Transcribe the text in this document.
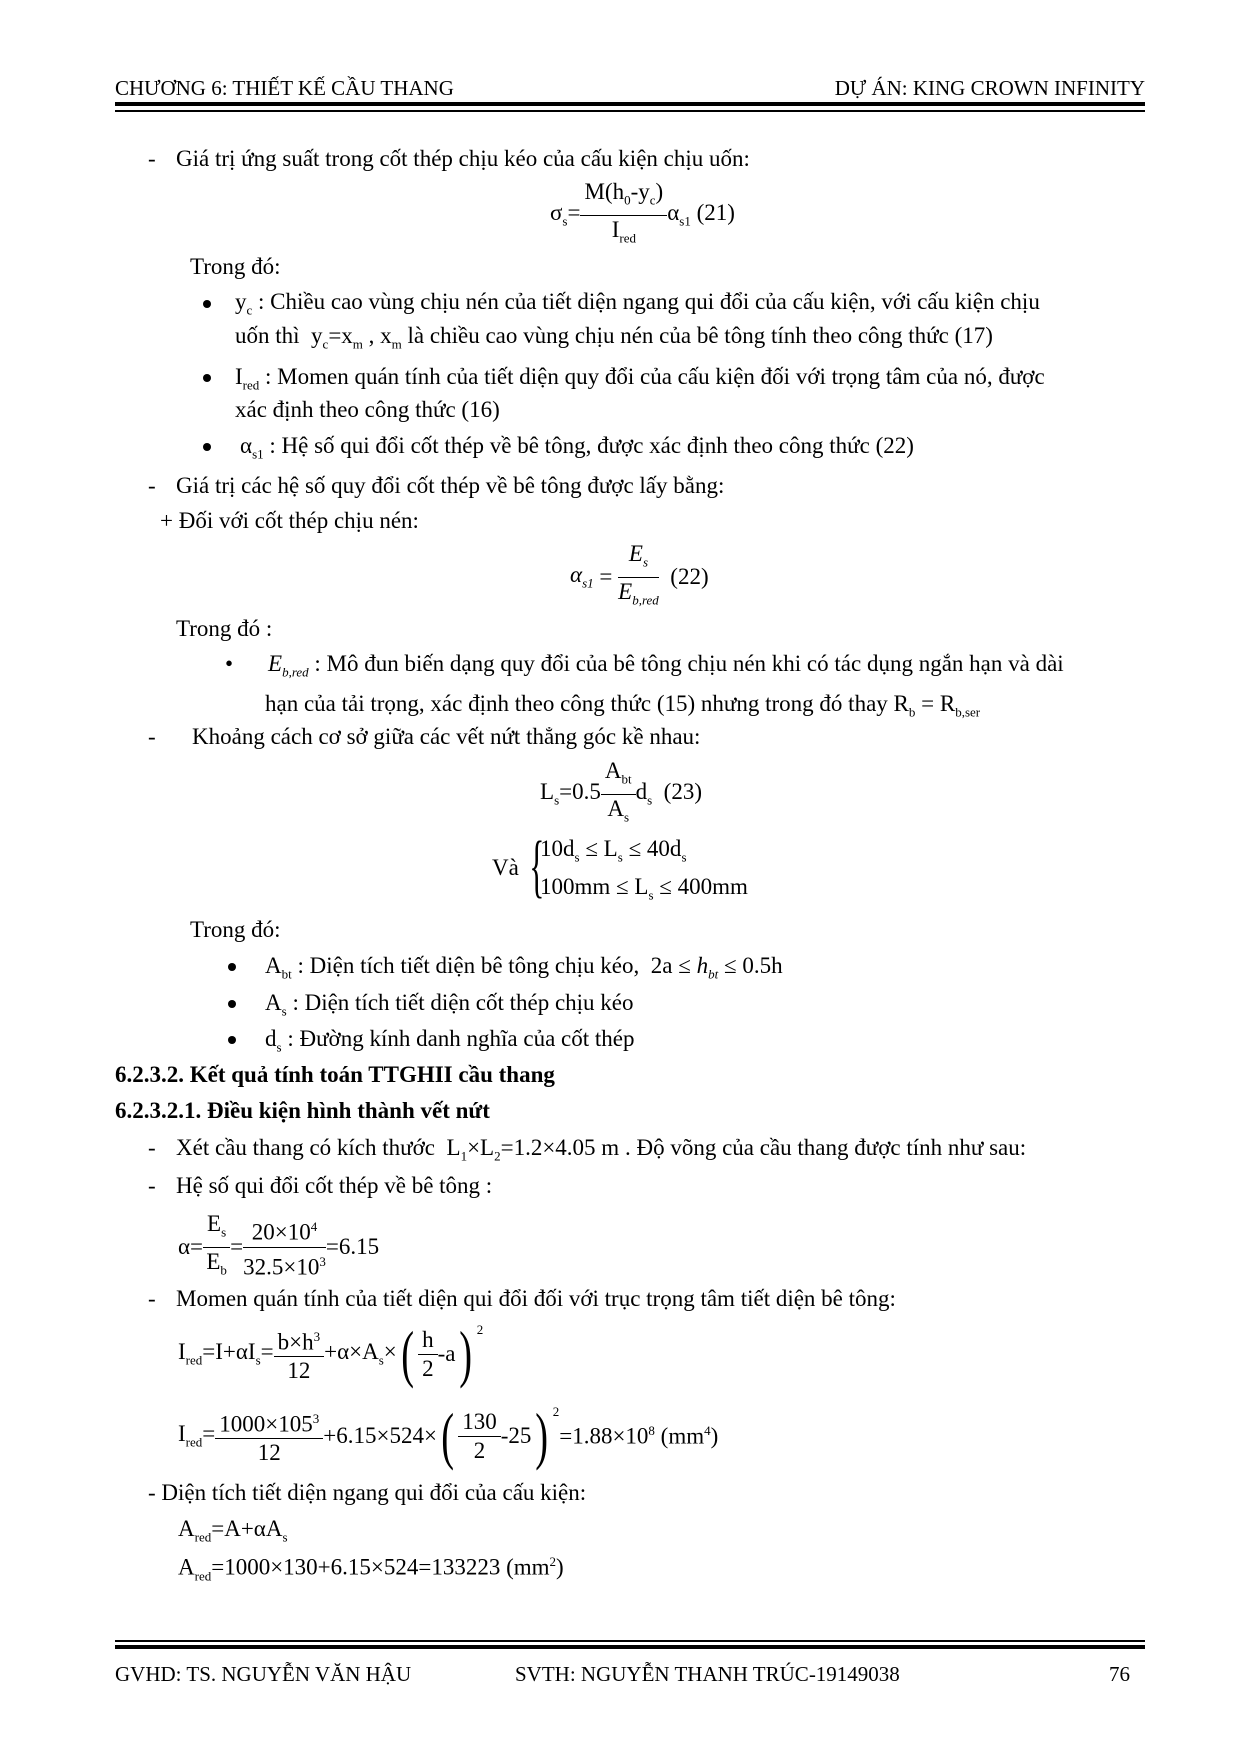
CHƯƠNG 6: THIẾT KẾ CẦU THANG	DỰ ÁN: KING CROWN INFINITY
- Giá trị ứng suất trong cốt thép chịu kéo của cấu kiện chịu uốn:
$\sigma_s= \frac{M(h_0-y_c)}{I_{red}} \alpha_{s1}$ (21)
Trong đó:
$y_c$ : Chiều cao vùng chịu nén của tiết diện ngang qui đổi của cấu kiện, với cấu kiện chịu
uốn thì $y_c=x_m$ , $x_m$ là chiều cao vùng chịu nén của bê tông tính theo công thức (17)
$I_{red}$ : Momen quán tính của tiết diện quy đổi của cấu kiện đối với trọng tâm của nó, được
xác định theo công thức (16)
$\alpha_{s1}$ : Hệ số qui đổi cốt thép về bê tông, được xác định theo công thức (22)
- Giá trị các hệ số quy đổi cốt thép về bê tông được lấy bằng:
+ Đối với cốt thép chịu nén:
$\alpha_{s1} = \frac{E_s}{E_{b,red}} (22)$
Trong đó :
• $E_{b,red}$ : Mô đun biến dạng quy đổi của bê tông chịu nén khi có tác dụng ngắn hạn và dài
hạn của tải trọng, xác định theo công thức (15) nhưng trong đó thay $R_b = R_{b,ser}$
- Khoảng cách cơ sở giữa các vết nứt thẳng góc kề nhau:
$L_s=0.5 \frac{A_{bt}}{A_s} d_s$ (23)
Và {
$10d_s \le L_s \le 40d_s$
$100mm \le L_s \le 400mm$
Trong đó:
$A_{bt}$ : Diện tích tiết diện bê tông chịu kéo, $2a \le h_{bt} \le 0.5h$
$A_s$ : Diện tích tiết diện cốt thép chịu kéo
$d_s$ : Đường kính danh nghĩa của cốt thép
6.2.3.2. Kết quả tính toán TTGHII cầu thang
6.2.3.2.1. Điều kiện hình thành vết nứt
- Xét cầu thang có kích thước $L_1\times L_2=1.2\times 4.05$ m . Độ võng của cầu thang được tính như sau:
- Hệ số qui đổi cốt thép về bê tông :
$\alpha= \frac{E_s}{E_b} = \frac{20\times 10^4}{32.5\times 10^3} =6.15$
- Momen quán tính của tiết diện qui đổi đối với trục trọng tâm tiết diện bê tông:
$I_{red}=I+\alpha I_s= \frac{b\times h^3}{12} +\alpha\times A_s\times$ ( $\frac{h}{2} -a$ ) $^2$
$I_{red}= \frac{1000\times 105^3}{12} +6.15\times 524\times$ ( $\frac{130}{2} -25$ ) $^2$
$=1.88\times 10^8$ $(mm^4)$
- Diện tích tiết diện ngang qui đổi của cấu kiện:
$A_{red}=A+\alpha A_s$
$A_{red}=1000\times 130+6.15\times 524=133223$ $(mm^2)$
GVHD: TS. NGUYỄN VĂN HẬU	SVTH: NGUYỄN THANH TRÚC-19149038	76
